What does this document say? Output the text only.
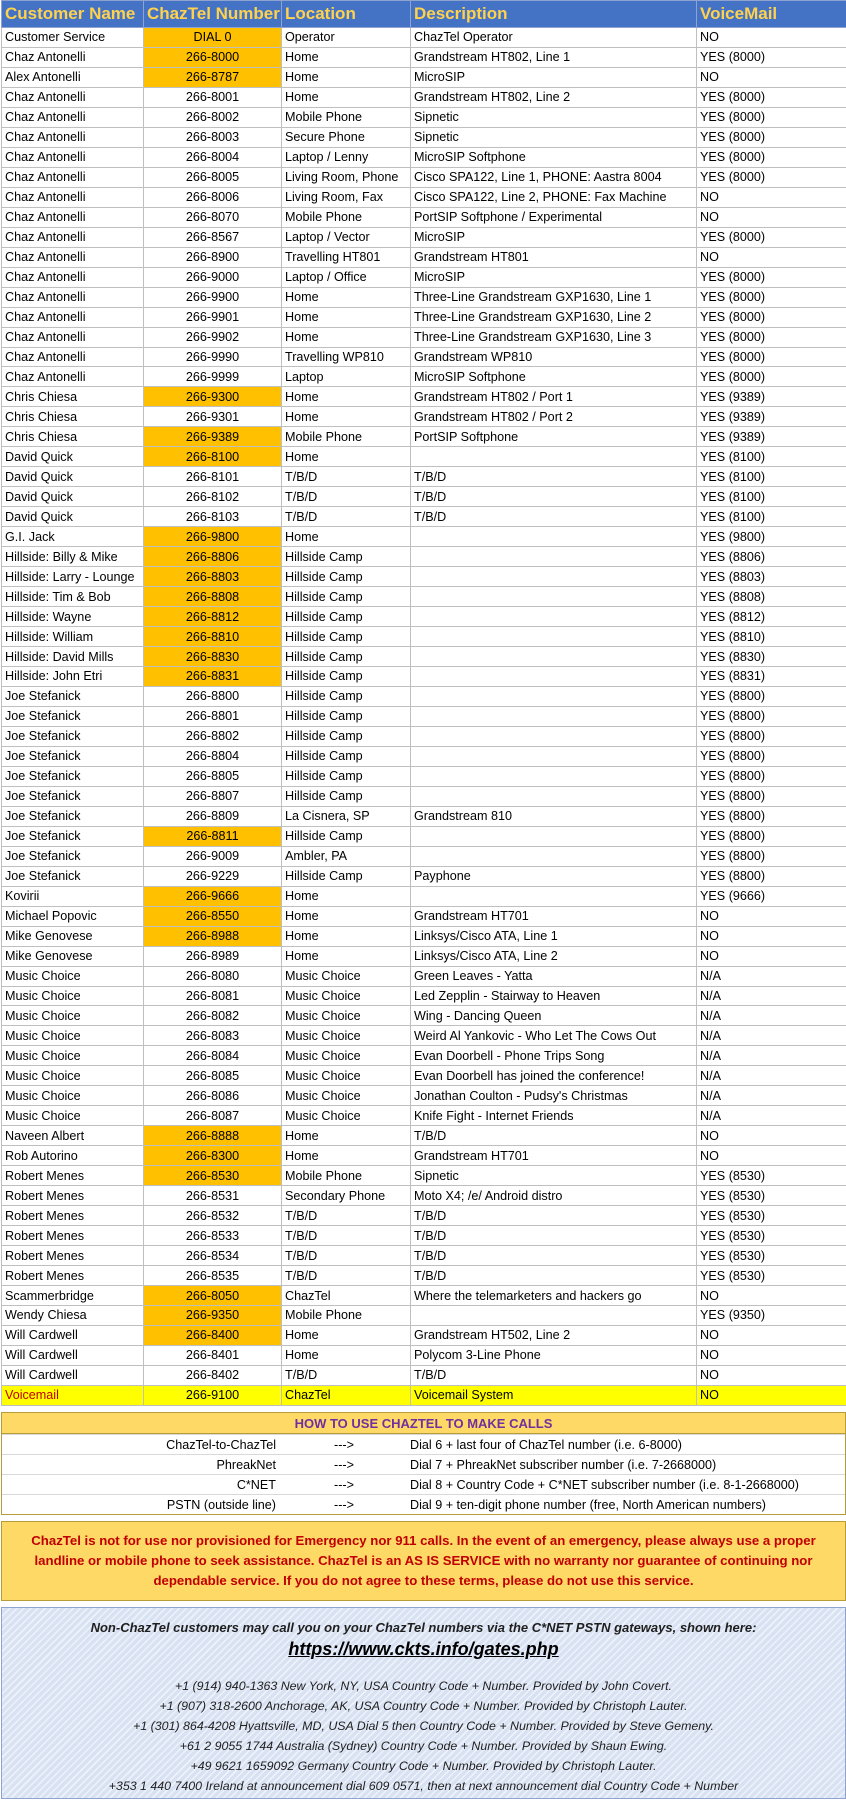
Customer Name	ChazTel Number	Location	Description	VoiceMail
Customer Service	DIAL 0	Operator	ChazTel Operator	NO
Chaz Antonelli	266-8000	Home	Grandstream HT802, Line 1	YES (8000)
Alex Antonelli	266-8787	Home	MicroSIP	NO
Chaz Antonelli	266-8001	Home	Grandstream HT802, Line 2	YES (8000)
Chaz Antonelli	266-8002	Mobile Phone	Sipnetic	YES (8000)
Chaz Antonelli	266-8003	Secure Phone	Sipnetic	YES (8000)
Chaz Antonelli	266-8004	Laptop / Lenny	MicroSIP Softphone	YES (8000)
Chaz Antonelli	266-8005	Living Room, Phone	Cisco SPA122, Line 1, PHONE: Aastra 8004	YES (8000)
Chaz Antonelli	266-8006	Living Room, Fax	Cisco SPA122, Line 2, PHONE: Fax Machine	NO
Chaz Antonelli	266-8070	Mobile Phone	PortSIP Softphone / Experimental	NO
Chaz Antonelli	266-8567	Laptop / Vector	MicroSIP	YES (8000)
Chaz Antonelli	266-8900	Travelling HT801	Grandstream HT801	NO
Chaz Antonelli	266-9000	Laptop / Office	MicroSIP	YES (8000)
Chaz Antonelli	266-9900	Home	Three-Line Grandstream GXP1630, Line 1	YES (8000)
Chaz Antonelli	266-9901	Home	Three-Line Grandstream GXP1630, Line 2	YES (8000)
Chaz Antonelli	266-9902	Home	Three-Line Grandstream GXP1630, Line 3	YES (8000)
Chaz Antonelli	266-9990	Travelling WP810	Grandstream WP810	YES (8000)
Chaz Antonelli	266-9999	Laptop	MicroSIP Softphone	YES (8000)
Chris Chiesa	266-9300	Home	Grandstream HT802 / Port 1	YES (9389)
Chris Chiesa	266-9301	Home	Grandstream HT802 / Port 2	YES (9389)
Chris Chiesa	266-9389	Mobile Phone	PortSIP Softphone	YES (9389)
David Quick	266-8100	Home		YES (8100)
David Quick	266-8101	T/B/D	T/B/D	YES (8100)
David Quick	266-8102	T/B/D	T/B/D	YES (8100)
David Quick	266-8103	T/B/D	T/B/D	YES (8100)
G.I. Jack	266-9800	Home		YES (9800)
Hillside: Billy & Mike	266-8806	Hillside Camp		YES (8806)
Hillside: Larry - Lounge	266-8803	Hillside Camp		YES (8803)
Hillside: Tim & Bob	266-8808	Hillside Camp		YES (8808)
Hillside: Wayne	266-8812	Hillside Camp		YES (8812)
Hillside: William	266-8810	Hillside Camp		YES (8810)
Hillside: David Mills	266-8830	Hillside Camp		YES (8830)
Hillside: John Etri	266-8831	Hillside Camp		YES (8831)
Joe Stefanick	266-8800	Hillside Camp		YES (8800)
Joe Stefanick	266-8801	Hillside Camp		YES (8800)
Joe Stefanick	266-8802	Hillside Camp		YES (8800)
Joe Stefanick	266-8804	Hillside Camp		YES (8800)
Joe Stefanick	266-8805	Hillside Camp		YES (8800)
Joe Stefanick	266-8807	Hillside Camp		YES (8800)
Joe Stefanick	266-8809	La Cisnera, SP	Grandstream 810	YES (8800)
Joe Stefanick	266-8811	Hillside Camp		YES (8800)
Joe Stefanick	266-9009	Ambler, PA		YES (8800)
Joe Stefanick	266-9229	Hillside Camp	Payphone	YES (8800)
Kovirii	266-9666	Home		YES (9666)
Michael Popovic	266-8550	Home	Grandstream HT701	NO
Mike Genovese	266-8988	Home	Linksys/Cisco ATA, Line 1	NO
Mike Genovese	266-8989	Home	Linksys/Cisco ATA, Line 2	NO
Music Choice	266-8080	Music Choice	Green Leaves - Yatta	N/A
Music Choice	266-8081	Music Choice	Led Zepplin - Stairway to Heaven	N/A
Music Choice	266-8082	Music Choice	Wing - Dancing Queen	N/A
Music Choice	266-8083	Music Choice	Weird Al Yankovic - Who Let The Cows Out	N/A
Music Choice	266-8084	Music Choice	Evan Doorbell - Phone Trips Song	N/A
Music Choice	266-8085	Music Choice	Evan Doorbell has joined the conference!	N/A
Music Choice	266-8086	Music Choice	Jonathan Coulton - Pudsy's Christmas	N/A
Music Choice	266-8087	Music Choice	Knife Fight - Internet Friends	N/A
Naveen Albert	266-8888	Home	T/B/D	NO
Rob Autorino	266-8300	Home	Grandstream HT701	NO
Robert Menes	266-8530	Mobile Phone	Sipnetic	YES (8530)
Robert Menes	266-8531	Secondary Phone	Moto X4; /e/ Android distro	YES (8530)
Robert Menes	266-8532	T/B/D	T/B/D	YES (8530)
Robert Menes	266-8533	T/B/D	T/B/D	YES (8530)
Robert Menes	266-8534	T/B/D	T/B/D	YES (8530)
Robert Menes	266-8535	T/B/D	T/B/D	YES (8530)
Scammerbridge	266-8050	ChazTel	Where the telemarketers and hackers go	NO
Wendy Chiesa	266-9350	Mobile Phone		YES (9350)
Will Cardwell	266-8400	Home	Grandstream HT502, Line 2	NO
Will Cardwell	266-8401	Home	Polycom 3-Line Phone	NO
Will Cardwell	266-8402	T/B/D	T/B/D	NO
Voicemail	266-9100	ChazTel	Voicemail System	NO
HOW TO USE CHAZTEL TO MAKE CALLS
ChazTel-to-ChazTel	--->	Dial 6 + last four of ChazTel number (i.e. 6-8000)
PhreakNet	--->	Dial 7 + PhreakNet subscriber number (i.e. 7-2668000)
C*NET	--->	Dial 8 + Country Code + C*NET subscriber number (i.e. 8-1-2668000)
PSTN (outside line)	--->	Dial 9 + ten-digit phone number (free, North American numbers)
ChazTel is not for use nor provisioned for Emergency nor 911 calls. In the event of an emergency, please always use a proper landline or mobile phone to seek assistance. ChazTel is an AS IS SERVICE with no warranty nor guarantee of continuing nor dependable service. If you do not agree to these terms, please do not use this service.
Non-ChazTel customers may call you on your ChazTel numbers via the C*NET PSTN gateways, shown here:
https://www.ckts.info/gates.php
+1 (914) 940-1363 New York, NY, USA Country Code + Number. Provided by John Covert.
+1 (907) 318-2600 Anchorage, AK, USA Country Code + Number. Provided by Christoph Lauter.
+1 (301) 864-4208 Hyattsville, MD, USA Dial 5 then Country Code + Number. Provided by Steve Gemeny.
+61 2 9055 1744 Australia (Sydney) Country Code + Number. Provided by Shaun Ewing.
+49 9621 1659092 Germany Country Code + Number. Provided by Christoph Lauter.
+353 1 440 7400 Ireland at announcement dial 609 0571, then at next announcement dial Country Code + Number
